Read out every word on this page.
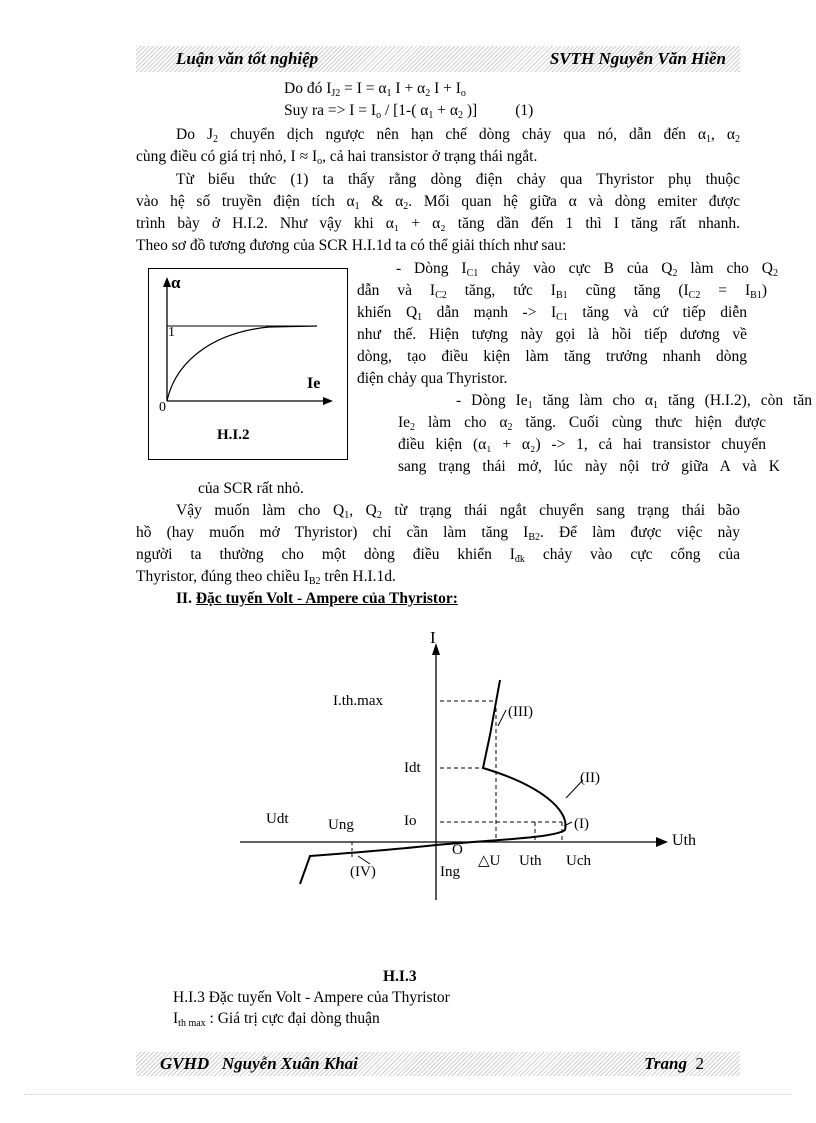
Luận văn tốt nghiệp	SVTH Nguyễn Văn Hiền
Do đó $I_{J2} = I = \alpha_1$ $I + \alpha_2$ $I + I_o$
Suy ra => $I = I_o / [1-$( $\alpha_1 + \alpha_2$ )] (1)
Do $J_2$ chuyển dịch ngược nên hạn chế dòng chảy qua nó, dẫn đến $\alpha_1$, $\alpha_2$
cùng điều có giá trị nhỏ, $I \approx I_o$, cả hai transistor ở trạng thái ngắt.
Từ biểu thức (1) ta thấy rằng dòng điện chảy qua Thyristor phụ thuộc
vào hệ số truyền điện tích $\alpha_1$ & $\alpha_2$. Mối quan hệ giữa α và dòng emiter được
trình bày ở H.I.2. Như vậy khi α₁ + α₂ tăng dần đến 1 thì I tăng rất nhanh.
Theo sơ đồ tương đương của SCR H.I.1d ta có thể giải thích như sau:
α
1
Ie
0
H.I.2
- Dòng $I_{C1}$ chảy vào cực B của $Q_2$ làm cho $Q_2$
dẫn và $I_{C2}$ tăng, tức $I_{B1}$ cũng tăng $(I_{C2} = I_{B1})$
khiến $Q_1$ dẫn mạnh -> $I_{C1}$ tăng và cứ tiếp diễn
như thế. Hiện tượng này gọi là hồi tiếp dương về
dòng, tạo điều kiện làm tăng trưởng nhanh dòng
điện chảy qua Thyristor.
- Dòng $Ie_1$ tăng làm cho $\alpha_1$ tăng (H.I.2), còn tăn
$Ie_2$ làm cho $\alpha_2$ tăng. Cuối cùng thưc hiện được
điều kiện (α₁ + α₂) -> 1, cả hai transistor chuyển
sang trạng thái mở, lúc này nội trở giữa A và K
của SCR rất nhỏ.
Vậy muốn làm cho $Q_1$, $Q_2$ từ trạng thái ngắt chuyển sang trạng thái bão
hồ (hay muốn mở Thyristor) chỉ cần làm tăng $I_{B2}$. Để làm được việc này
người ta thường cho một dòng điều khiển $I_{đk}$ chảy vào cực cổng của
Thyristor, đúng theo chiều $I_{B2}$ trên H.I.1d.
II. Đặc tuyến Volt - Ampere của Thyristor:
I
Uth
I.th.max
Idt
Io
Udt	Ung
O
Ing
△U Uth Uch
(III)
(II)
(I)
(IV)
H.I.3
H.I.3 Đặc tuyến Volt - Ampere của Thyristor
$I_{th max}$ : Giá trị cực đại dòng thuận
GVHD   Nguyễn Xuân Khai	Trang 2
